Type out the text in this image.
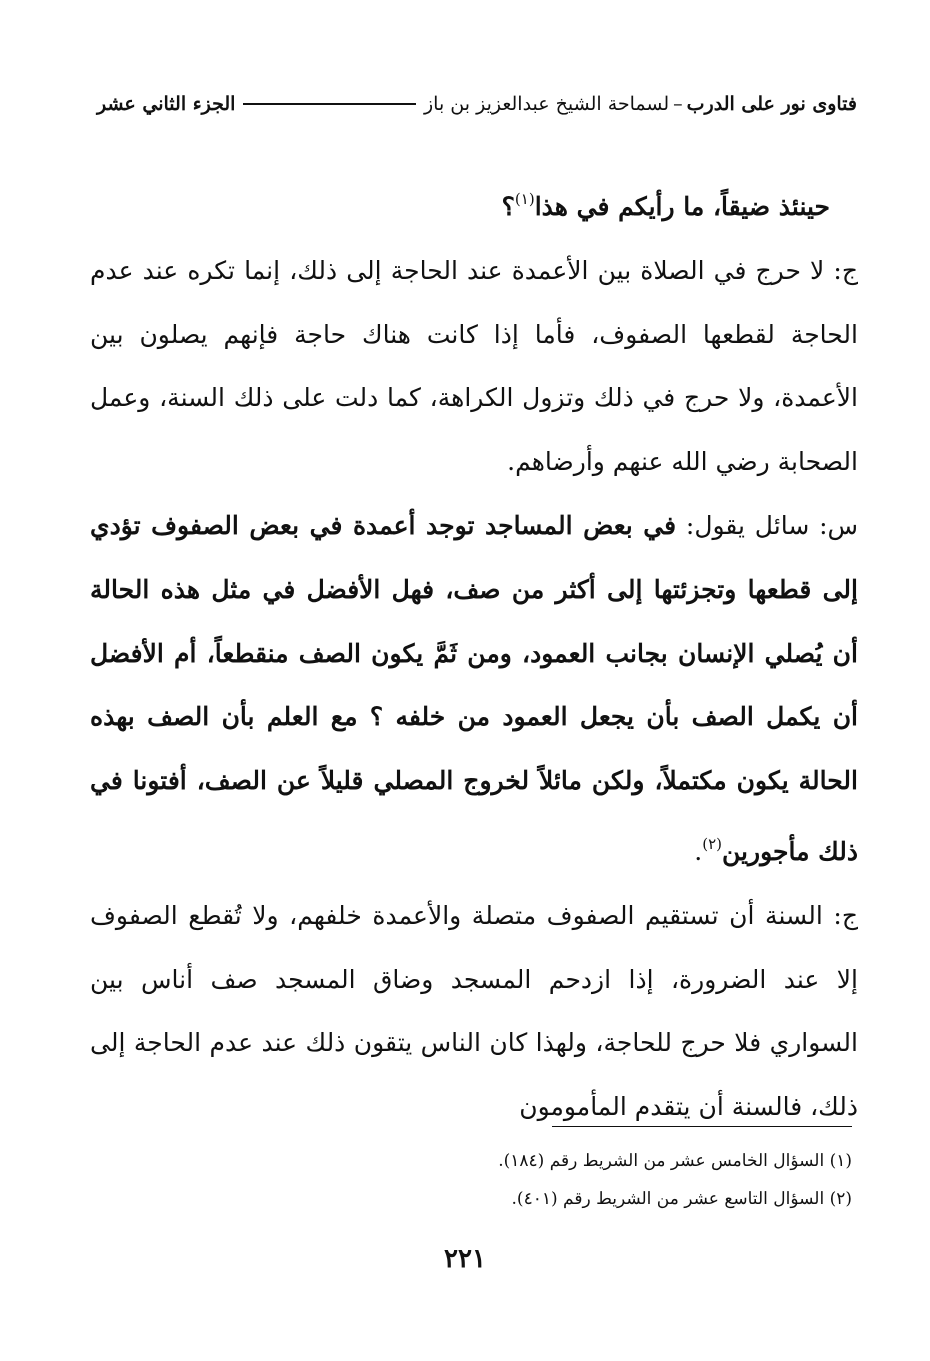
فتاوى نور على الدرب
–
لسماحة الشيخ عبدالعزيز بن باز
الجزء الثاني عشر

حينئذ ضيقاً، ما رأيكم في هذا$^{(١)}$؟

ج: لا حرج في الصلاة بين الأعمدة عند الحاجة إلى ذلك، إنما تكره عند عدم الحاجة لقطعها الصفوف، فأما إذا كانت هناك حاجة فإنهم يصلون بين الأعمدة، ولا حرج في ذلك وتزول الكراهة، كما دلت على ذلك السنة، وعمل الصحابة رضي الله عنهم وأرضاهم.

س: سائل يقول: في بعض المساجد توجد أعمدة في بعض الصفوف تؤدي إلى قطعها وتجزئتها إلى أكثر من صف، فهل الأفضل في مثل هذه الحالة أن يُصلي الإنسان بجانب العمود، ومن ثَمَّ يكون الصف منقطعاً، أم الأفضل أن يكمل الصف بأن يجعل العمود من خلفه ؟ مع العلم بأن الصف بهذه الحالة يكون مكتملاً، ولكن مائلاً لخروج المصلي قليلاً عن الصف، أفتونا في ذلك مأجورين$^{(٢)}$.

ج: السنة أن تستقيم الصفوف متصلة والأعمدة خلفهم، ولا تُقطع الصفوف إلا عند الضرورة، إذا ازدحم المسجد وضاق المسجد صف أناس بين السواري فلا حرج للحاجة، ولهذا كان الناس يتقون ذلك عند عدم الحاجة إلى ذلك، فالسنة أن يتقدم المأمومون

(١) السؤال الخامس عشر من الشريط رقم (١٨٤).

(٢) السؤال التاسع عشر من الشريط رقم (٤٠١).

٢٢١
